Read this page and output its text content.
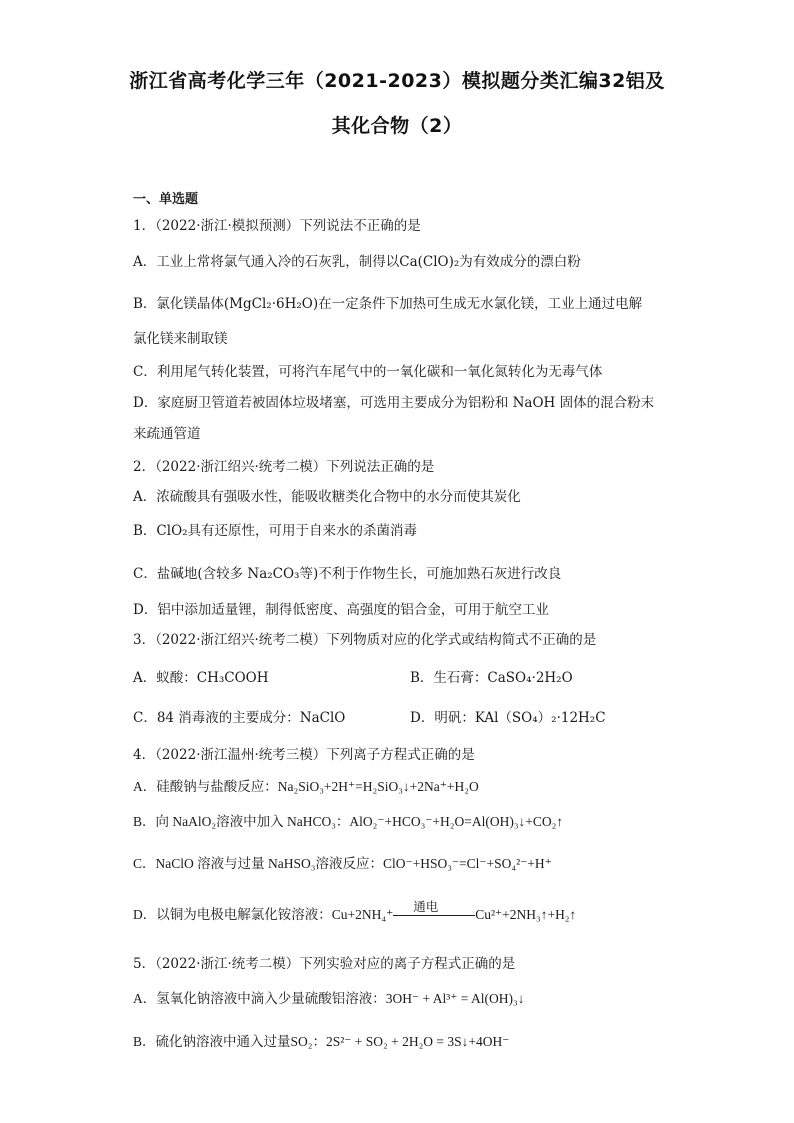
浙江省高考化学三年（2021-2023）模拟题分类汇编32铝及
其化合物（2）
一、单选题
1．（2022·浙江·模拟预测）下列说法不正确的是
A．工业上常将氯气通入冷的石灰乳，制得以Ca(ClO)₂为有效成分的漂白粉
B．氯化镁晶体(MgCl₂·6H₂O)在一定条件下加热可生成无水氯化镁，工业上通过电解
氯化镁来制取镁
C．利用尾气转化装置，可将汽车尾气中的一氧化碳和一氧化氮转化为无毒气体
D．家庭厨卫管道若被固体垃圾堵塞，可选用主要成分为铝粉和 NaOH 固体的混合粉末
来疏通管道
2．（2022·浙江绍兴·统考二模）下列说法正确的是
A．浓硫酸具有强吸水性，能吸收糖类化合物中的水分而使其炭化
B．ClO₂具有还原性，可用于自来水的杀菌消毒
C．盐碱地(含较多 Na₂CO₃等)不利于作物生长，可施加熟石灰进行改良
D．铝中添加适量锂，制得低密度、高强度的铝合金，可用于航空工业
3．（2022·浙江绍兴·统考二模）下列物质对应的化学式或结构简式不正确的是
A．蚁酸：CH₃COOH	B．生石膏：CaSO₄·2H₂O
C．84 消毒液的主要成分：NaClO	D．明矾：KAl（SO₄）₂·12H₂C
4．（2022·浙江温州·统考三模）下列离子方程式正确的是
A．硅酸钠与盐酸反应：Na₂SiO₃+2H⁺=H₂SiO₃↓+2Na⁺+H₂O
B．向 NaAlO₂溶液中加入 NaHCO₃：AlO₂⁻+HCO₃⁻+H₂O=Al(OH)₃↓+CO₂↑
C．NaClO 溶液与过量 NaHSO₃溶液反应：ClO⁻+HSO₃⁻=Cl⁻+SO₄²⁻+H⁺
D．以铜为电极电解氯化铵溶液：Cu+2NH₄⁺
通电
Cu²⁺+2NH₃↑+H₂↑
5．（2022·浙江·统考二模）下列实验对应的离子方程式正确的是
A．氢氧化钠溶液中滴入少量硫酸铝溶液：3OH⁻ + Al³⁺ = Al(OH)₃↓
B．硫化钠溶液中通入过量SO₂：2S²⁻ + SO₂ + 2H₂O = 3S↓+4OH⁻
